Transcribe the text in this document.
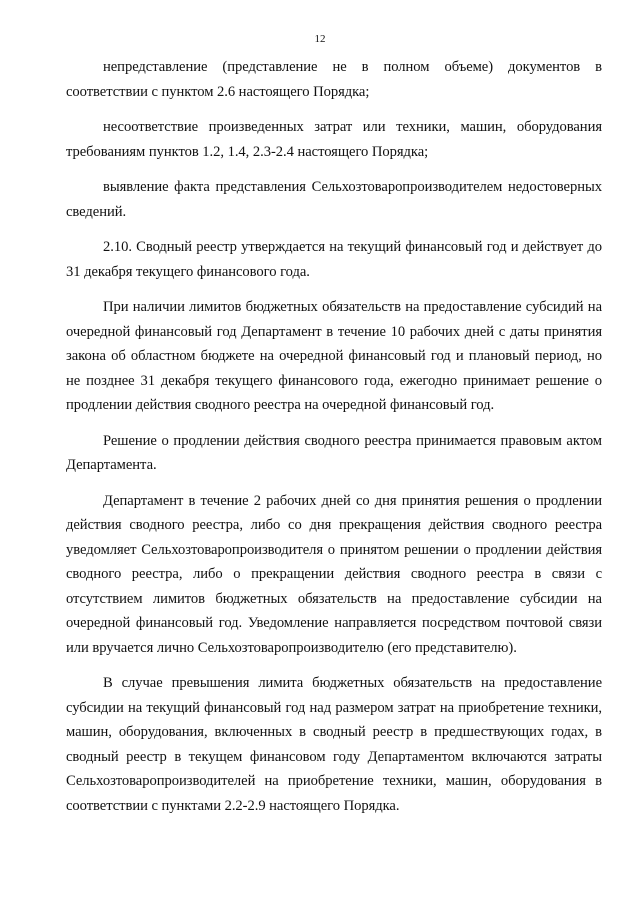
12

непредставление (представление не в полном объеме) документов в соответствии с пунктом 2.6 настоящего Порядка;

несоответствие произведенных затрат или техники, машин, оборудования требованиям пунктов 1.2, 1.4, 2.3-2.4 настоящего Порядка;

выявление факта представления Сельхозтоваропроизводителем недостоверных сведений.

2.10. Сводный реестр утверждается на текущий финансовый год и действует до 31 декабря текущего финансового года.

При наличии лимитов бюджетных обязательств на предоставление субсидий на очередной финансовый год Департамент в течение 10 рабочих дней с даты принятия закона об областном бюджете на очередной финансовый год и плановый период, но не позднее 31 декабря текущего финансового года, ежегодно принимает решение о продлении действия сводного реестра на очередной финансовый год.

Решение о продлении действия сводного реестра принимается правовым актом Департамента.

Департамент в течение 2 рабочих дней со дня принятия решения о продлении действия сводного реестра, либо со дня прекращения действия сводного реестра уведомляет Сельхозтоваропроизводителя о принятом решении о продлении действия сводного реестра, либо о прекращении действия сводного реестра в связи с отсутствием лимитов бюджетных обязательств на предоставление субсидии на очередной финансовый год. Уведомление направляется посредством почтовой связи или вручается лично Сельхозтоваропроизводителю (его представителю).

В случае превышения лимита бюджетных обязательств на предоставление субсидии на текущий финансовый год над размером затрат на приобретение техники, машин, оборудования, включенных в сводный реестр в предшествующих годах, в сводный реестр в текущем финансовом году Департаментом включаются затраты Сельхозтоваропроизводителей на приобретение техники, машин, оборудования в соответствии с пунктами 2.2-2.9 настоящего Порядка.
